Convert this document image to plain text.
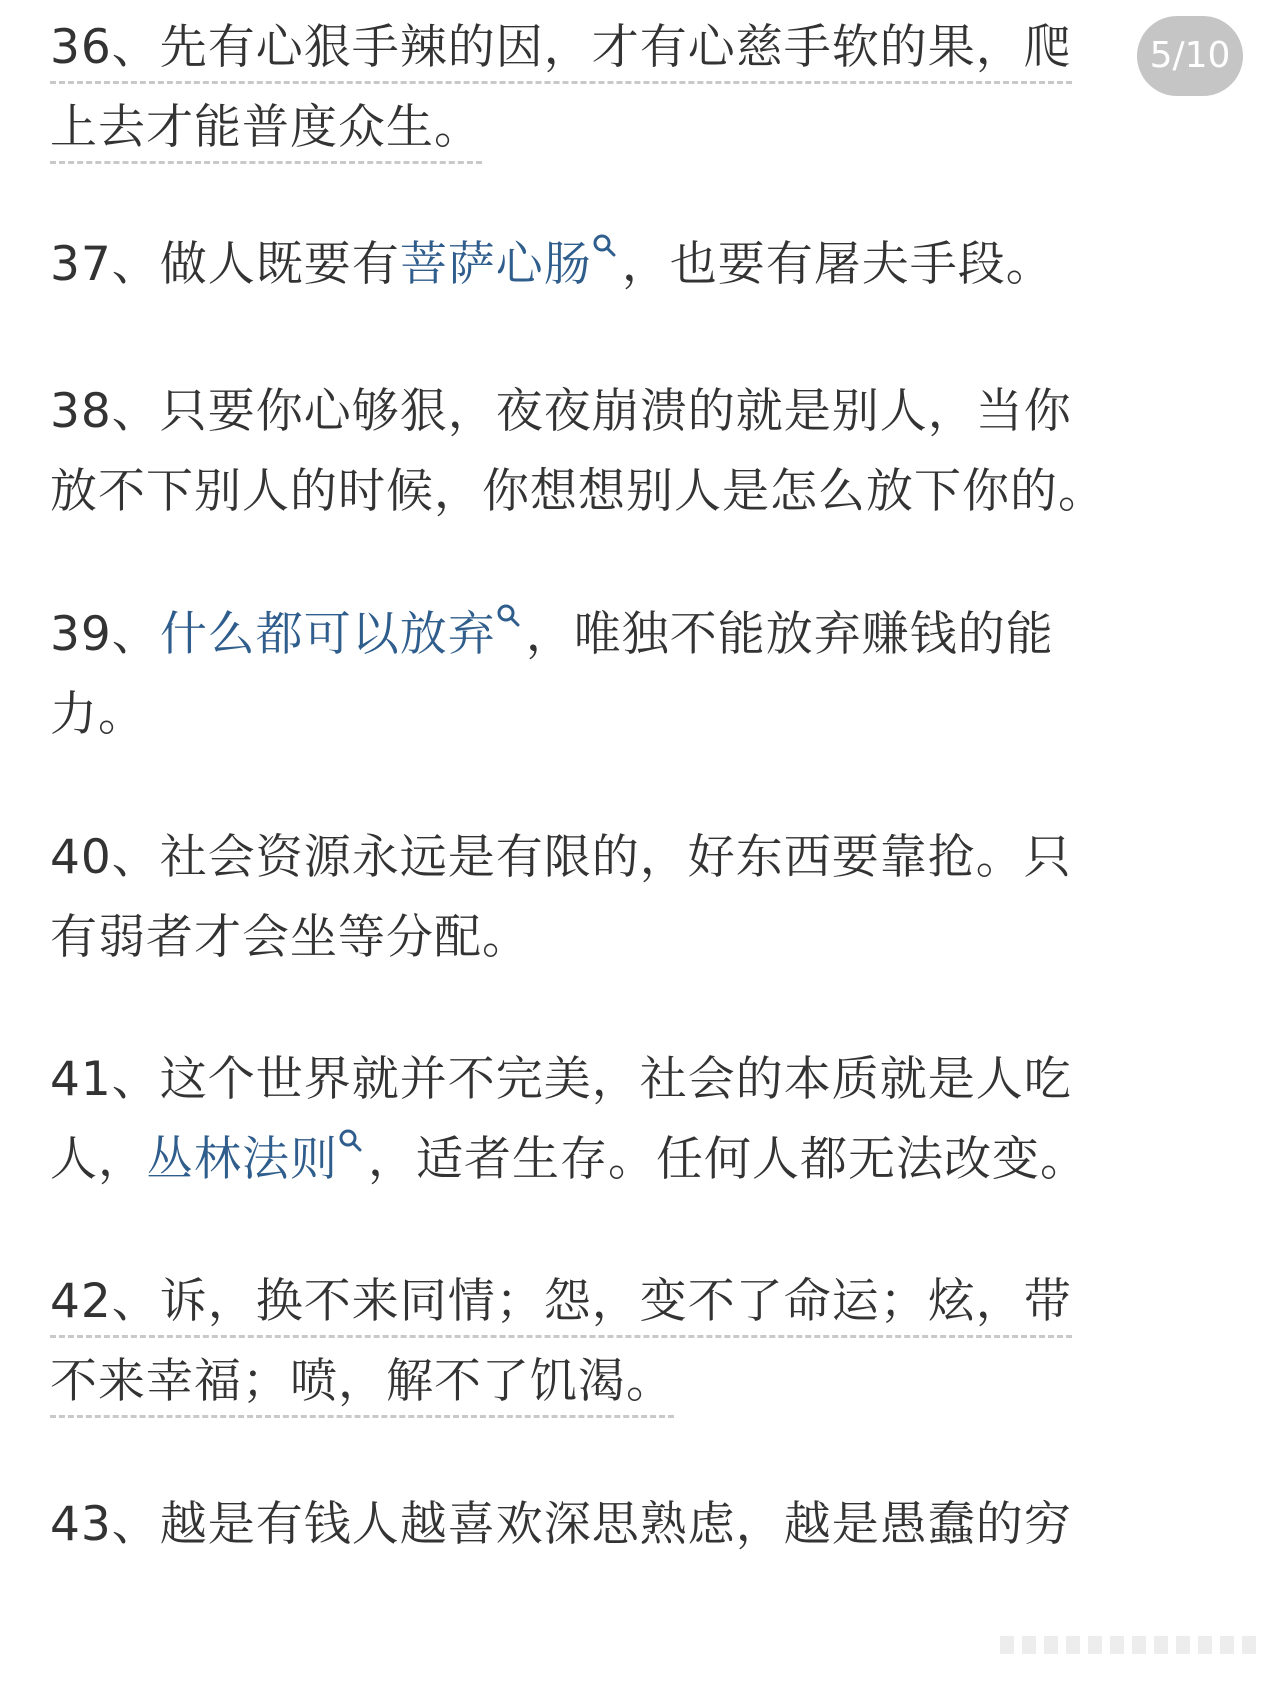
5/10
36、先有心狠手辣的因，才有心慈手软的果，爬
上去才能普度众生。
37、做人既要有菩萨心肠 ，也要有屠夫手段。
38、只要你心够狠，夜夜崩溃的就是别人，当你
放不下别人的时候，你想想别人是怎么放下你的。
39、什么都可以放弃 ，唯独不能放弃赚钱的能
力。
40、社会资源永远是有限的，好东西要靠抢。只
有弱者才会坐等分配。
41、这个世界就并不完美，社会的本质就是人吃
人，丛林法则 ，适者生存。任何人都无法改变。
42、诉，换不来同情；怨，变不了命运；炫，带
不来幸福；喷，解不了饥渴。
43、越是有钱人越喜欢深思熟虑，越是愚蠢的穷
